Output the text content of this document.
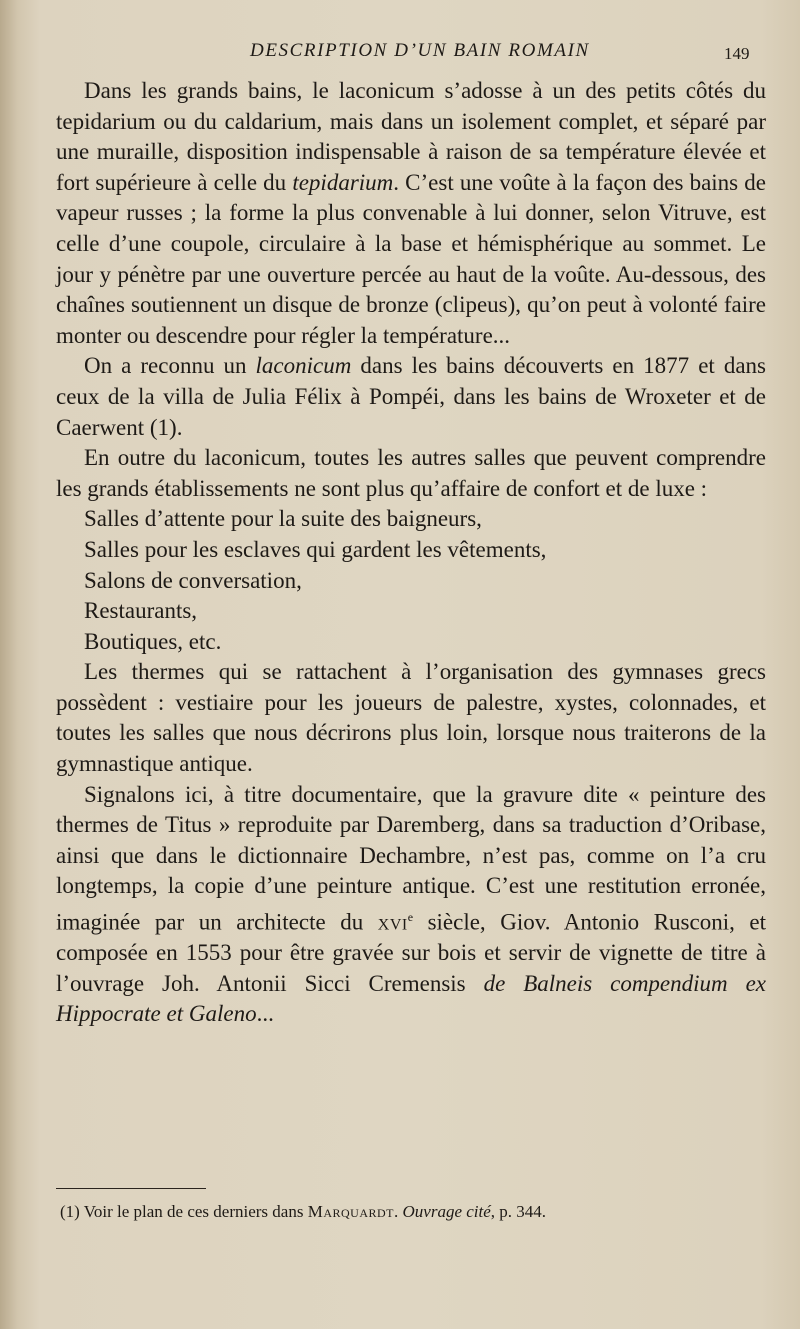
DESCRIPTION D’UN BAIN ROMAIN	149

Dans les grands bains, le laconicum s’adosse à un des petits côtés du tepidarium ou du caldarium, mais dans un isolement complet, et séparé par une muraille, disposition indispensable à raison de sa température élevée et fort supérieure à celle du tepidarium. C’est une voûte à la façon des bains de vapeur russes ; la forme la plus convenable à lui donner, selon Vitruve, est celle d’une coupole, circulaire à la base et hémisphérique au sommet. Le jour y pénètre par une ouverture percée au haut de la voûte. Au-dessous, des chaînes soutiennent un disque de bronze (clipeus), qu’on peut à volonté faire monter ou descendre pour régler la température...

On a reconnu un laconicum dans les bains découverts en 1877 et dans ceux de la villa de Julia Félix à Pompéi, dans les bains de Wroxeter et de Caerwent (1).

En outre du laconicum, toutes les autres salles que peuvent comprendre les grands établissements ne sont plus qu’affaire de confort et de luxe :

Salles d’attente pour la suite des baigneurs,

Salles pour les esclaves qui gardent les vêtements,

Salons de conversation,

Restaurants,

Boutiques, etc.

Les thermes qui se rattachent à l’organisation des gymnases grecs possèdent : vestiaire pour les joueurs de palestre, xystes, colonnades, et toutes les salles que nous décrirons plus loin, lorsque nous traiterons de la gymnastique antique.

Signalons ici, à titre documentaire, que la gravure dite « peinture des thermes de Titus » reproduite par Daremberg, dans sa traduction d’Oribase, ainsi que dans le dictionnaire Dechambre, n’est pas, comme on l’a cru longtemps, la copie d’une peinture antique. C’est une restitution erronée, imaginée par un architecte du xvi$^e$ siècle, Giov. Antonio Rusconi, et composée en 1553 pour être gravée sur bois et servir de vignette de titre à l’ouvrage Joh. Antonii Sicci Cremensis de Balneis compendium ex Hippocrate et Galeno...

(1) Voir le plan de ces derniers dans Marquardt. Ouvrage cité, p. 344.
